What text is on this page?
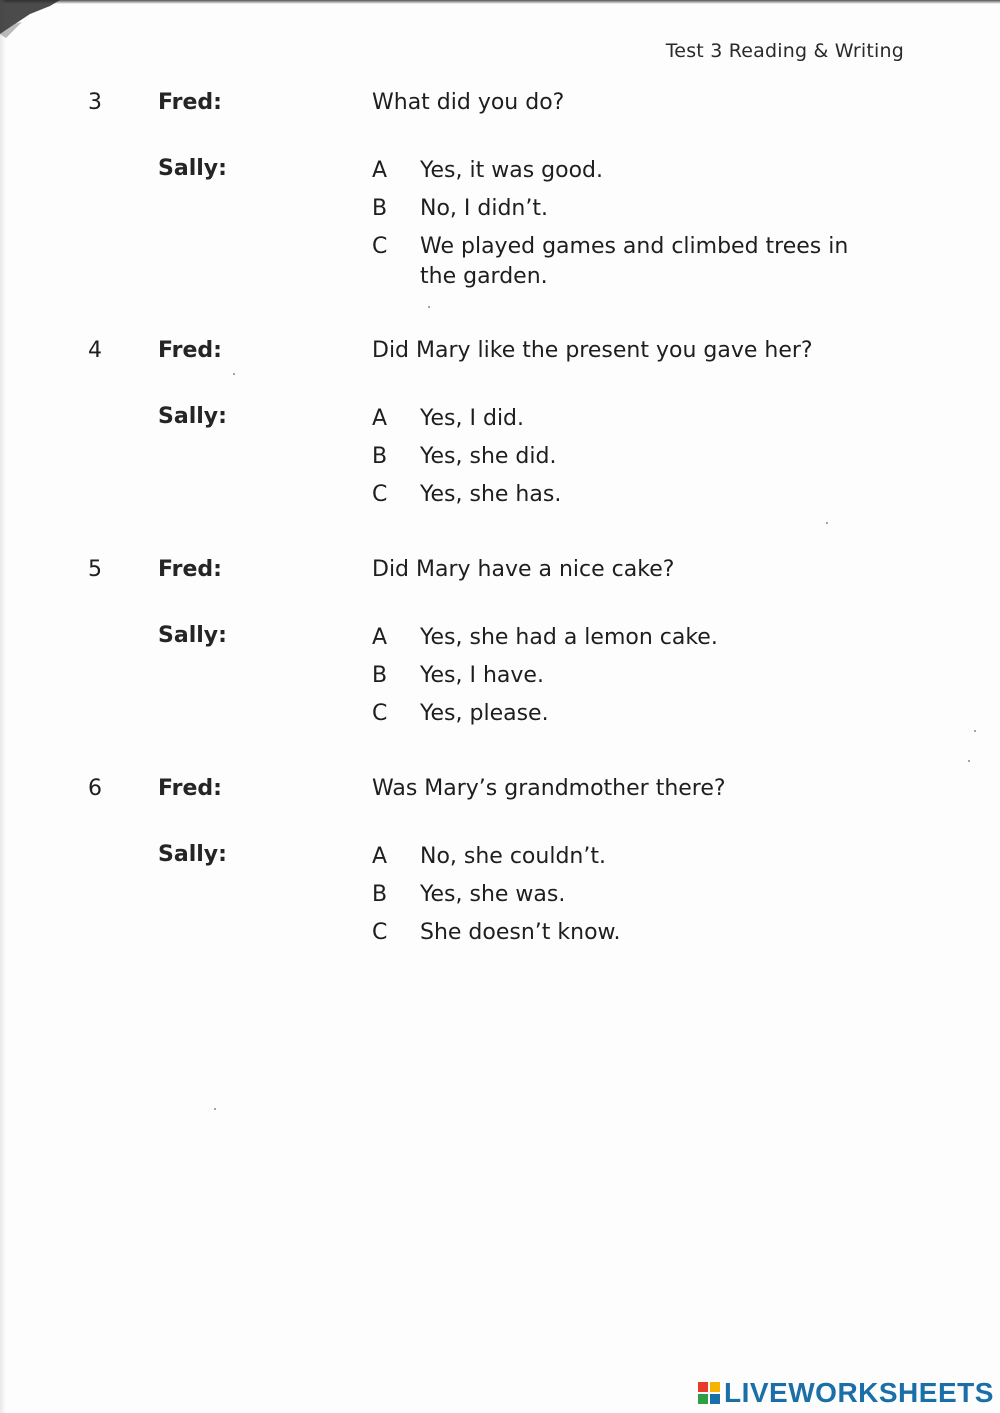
Test 3 Reading & Writing
3	Fred:	What did you do?
Sally:	A	Yes, it was good.
B	No, I didn’t.
C	We played games and climbed trees in the garden.
4	Fred:	Did Mary like the present you gave her?
Sally:	A	Yes, I did.
B	Yes, she did.
C	Yes, she has.
5	Fred:	Did Mary have a nice cake?
Sally:	A	Yes, she had a lemon cake.
B	Yes, I have.
C	Yes, please.
6	Fred:	Was Mary’s grandmother there?
Sally:	A	No, she couldn’t.
B	Yes, she was.
C	She doesn’t know.
LIVEWORKSHEETS
